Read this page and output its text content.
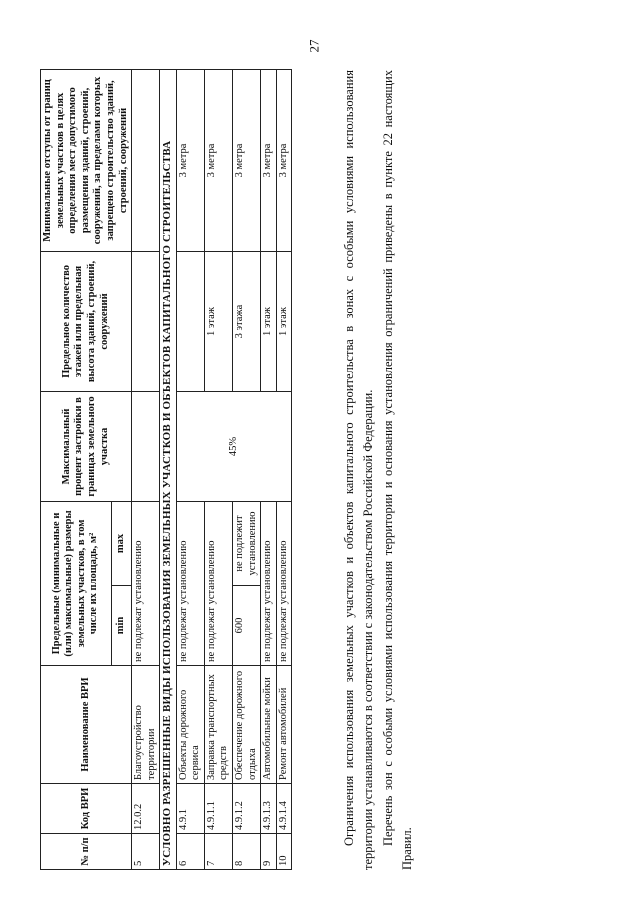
27
№ п/п	Код ВРИ	Наименование ВРИ	Предельные (минимальные и (или) максимальные) размеры земельных участков, в том числе их площадь, м²		Максимальный процент застройки в границах земельного участка	Предельное количество этажей или предельная высота зданий, строений, сооружений	Минимальные отступы от границ земельных участков в целях определения мест допустимого размещения зданий, строений, сооружений, за пределами которых запрещено строительство зданий, строений, сооружений
			min	max			
5	12.0.2	Благоустройство территории	не подлежат установлению				
УСЛОВНО РАЗРЕШЕННЫЕ ВИДЫ ИСПОЛЬЗОВАНИЯ ЗЕМЕЛЬНЫХ УЧАСТКОВ И ОБЪЕКТОВ КАПИТАЛЬНОГО СТРОИТЕЛЬСТВА							
6	4.9.1	Объекты дорожного сервиса	не подлежат установлению		45%		3 метра
7	4.9.1.1	Заправка транспортных средств	не подлежат установлению			1 этаж	3 метра
8	4.9.1.2	Обеспечение дорожного отдыха	600	не подлежит установлению		3 этажа	3 метра
9	4.9.1.3	Автомобильные мойки	не подлежат установлению			1 этаж	3 метра
10	4.9.1.4	Ремонт автомобилей	не подлежат установлению			1 этаж	3 метра	Ограничения использования земельных участков и объектов капитального строительства в зонах с особыми условиями использования территории устанавливаются в соответствии с законодательством Российской Федерации. Перечень зон с особыми условиями использования территории и основания установления ограничений приведены в пункте 22 настоящих Правил.
